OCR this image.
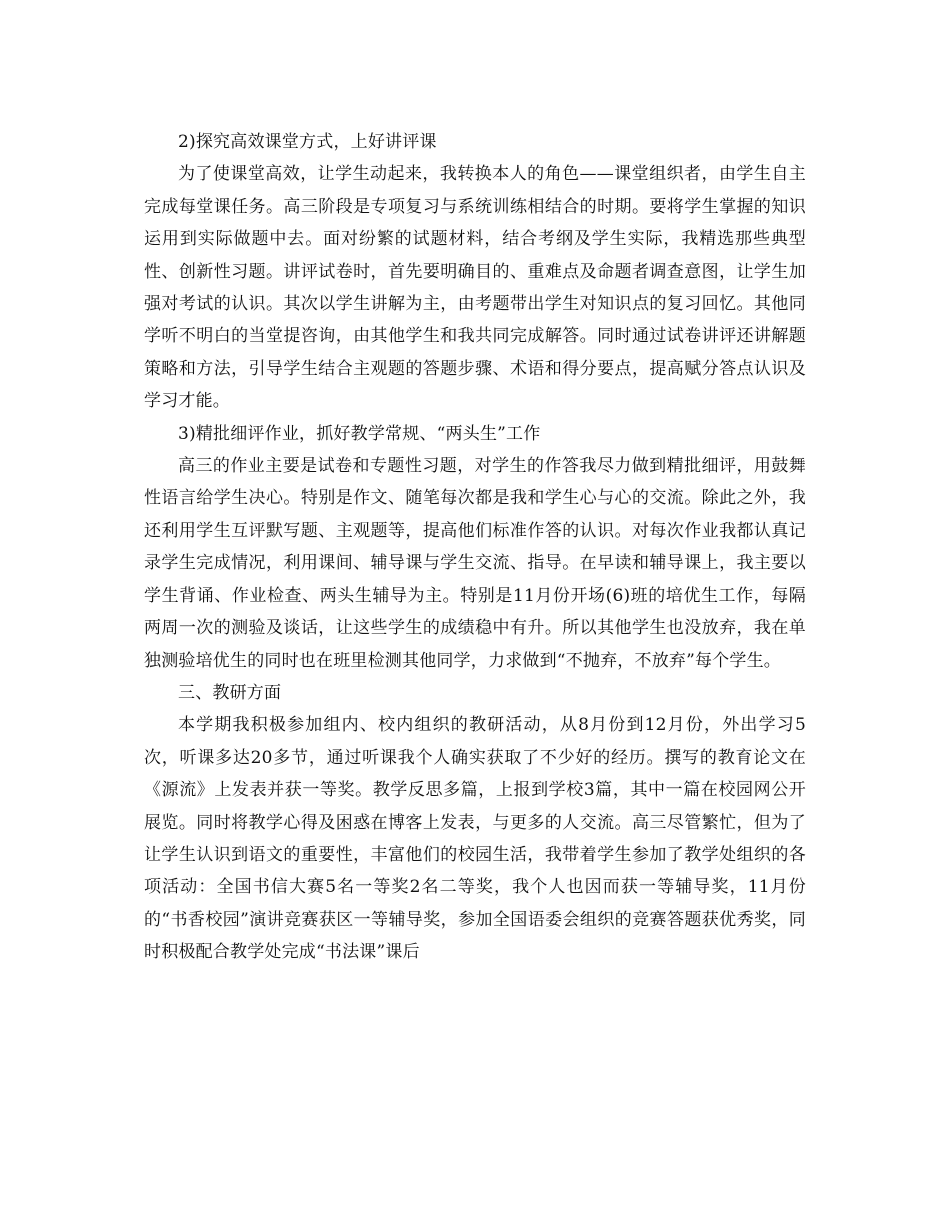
2)探究高效课堂方式，上好讲评课

为了使课堂高效，让学生动起来，我转换本人的角色——课堂组织者，由学生自主完成每堂课任务。高三阶段是专项复习与系统训练相结合的时期。要将学生掌握的知识运用到实际做题中去。面对纷繁的试题材料，结合考纲及学生实际，我精选那些典型性、创新性习题。讲评试卷时，首先要明确目的、重难点及命题者调查意图，让学生加强对考试的认识。其次以学生讲解为主，由考题带出学生对知识点的复习回忆。其他同学听不明白的当堂提咨询，由其他学生和我共同完成解答。同时通过试卷讲评还讲解题策略和方法，引导学生结合主观题的答题步骤、术语和得分要点，提高赋分答点认识及学习才能。

3)精批细评作业，抓好教学常规、“两头生”工作

高三的作业主要是试卷和专题性习题，对学生的作答我尽力做到精批细评，用鼓舞性语言给学生决心。特别是作文、随笔每次都是我和学生心与心的交流。除此之外，我还利用学生互评默写题、主观题等，提高他们标准作答的认识。对每次作业我都认真记录学生完成情况，利用课间、辅导课与学生交流、指导。在早读和辅导课上，我主要以学生背诵、作业检查、两头生辅导为主。特别是11月份开场(6)班的培优生工作，每隔两周一次的测验及谈话，让这些学生的成绩稳中有升。所以其他学生也没放弃，我在单独测验培优生的同时也在班里检测其他同学，力求做到“不抛弃，不放弃”每个学生。

三、教研方面

本学期我积极参加组内、校内组织的教研活动，从8月份到12月份，外出学习5次，听课多达20多节，通过听课我个人确实获取了不少好的经历。撰写的教育论文在《源流》上发表并获一等奖。教学反思多篇，上报到学校3篇，其中一篇在校园网公开展览。同时将教学心得及困惑在博客上发表，与更多的人交流。高三尽管繁忙，但为了让学生认识到语文的重要性，丰富他们的校园生活，我带着学生参加了教学处组织的各项活动：全国书信大赛5名一等奖2名二等奖，我个人也因而获一等辅导奖，11月份的“书香校园”演讲竞赛获区一等辅导奖，参加全国语委会组织的竞赛答题获优秀奖，同时积极配合教学处完成“书法课”课后
